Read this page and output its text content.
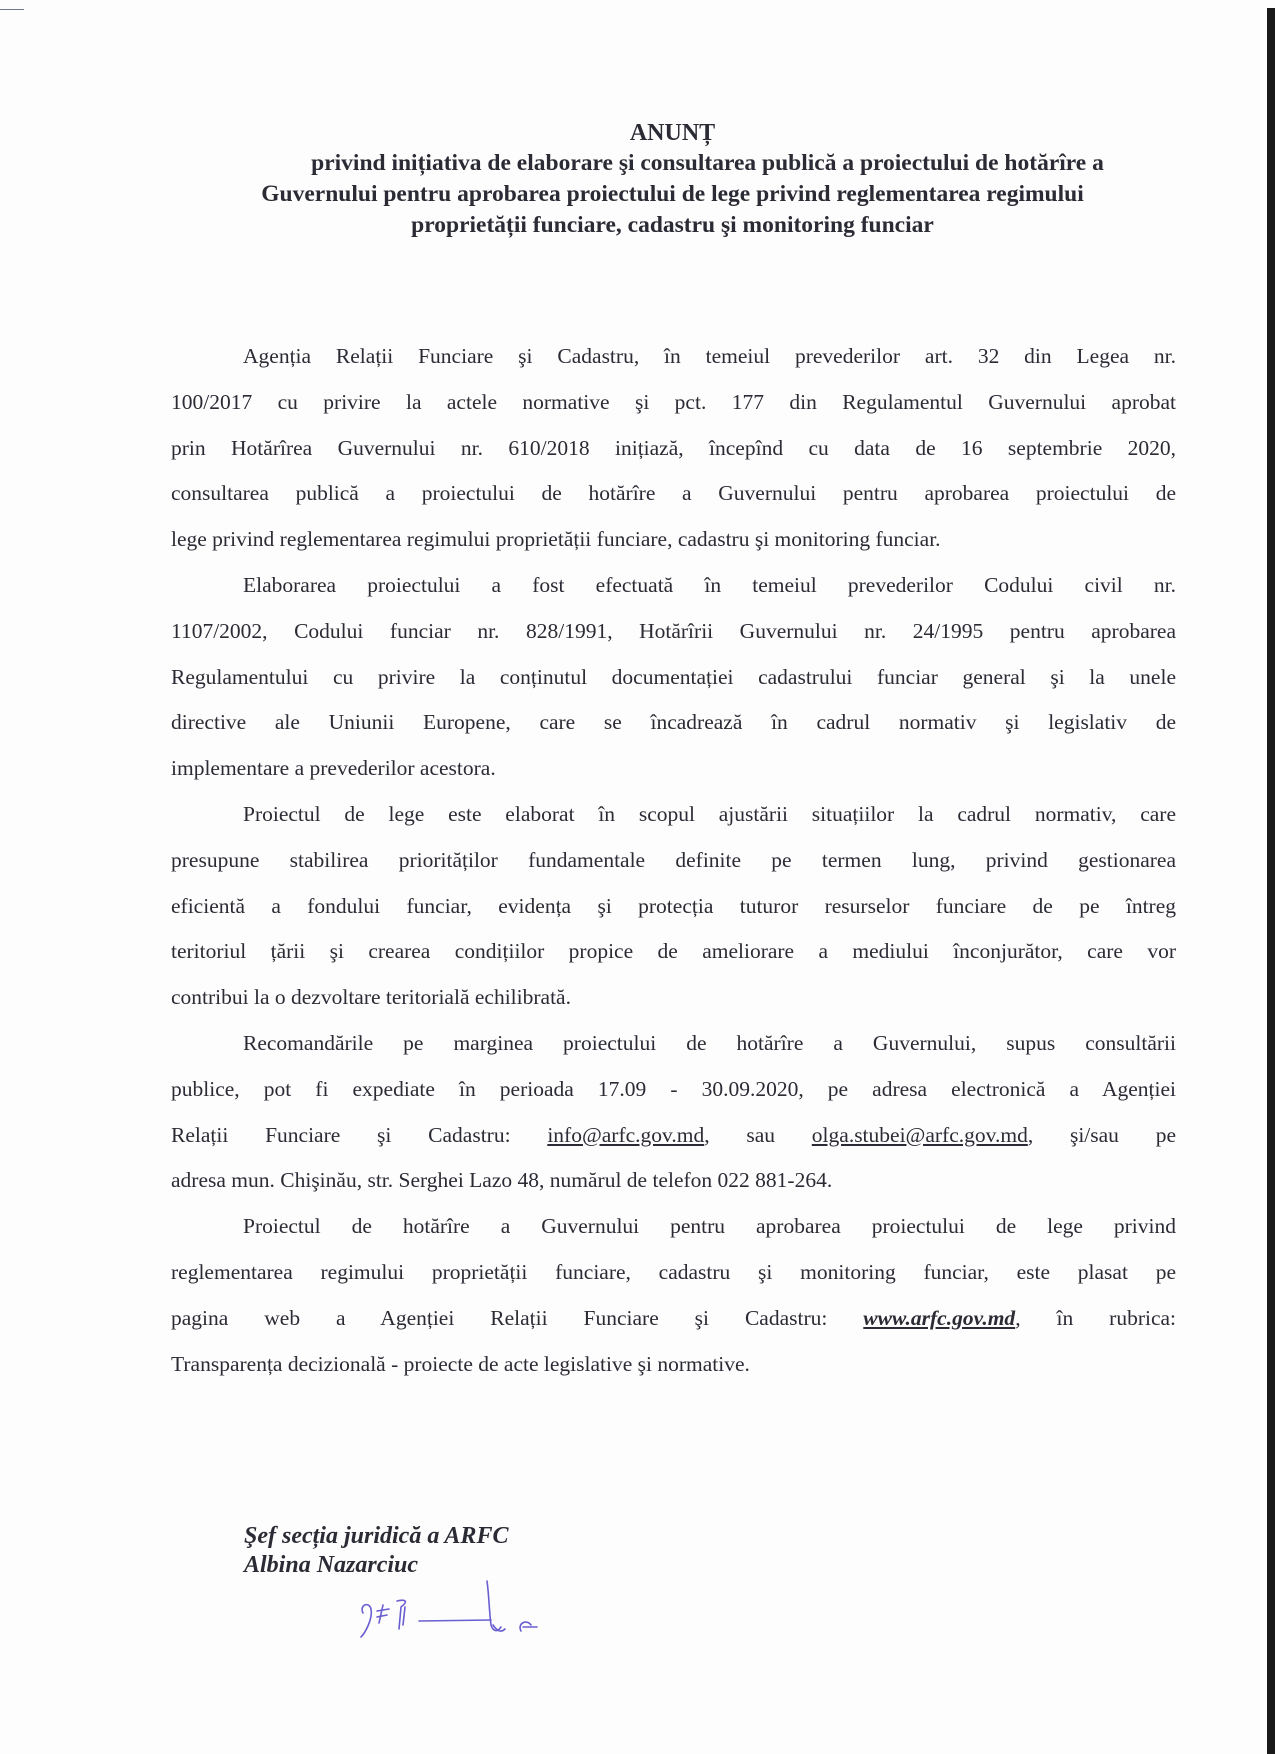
ANUNȚ
privind inițiativa de elaborare şi consultarea publică a proiectului de hotărîre a
Guvernului pentru aprobarea proiectului de lege privind reglementarea regimului
proprietății funciare, cadastru şi monitoring funciar

Agenția Relații Funciare şi Cadastru, în temeiul prevederilor art. 32 din Legea nr.
100/2017 cu privire la actele normative şi pct. 177 din Regulamentul Guvernului aprobat
prin Hotărîrea Guvernului nr. 610/2018 inițiază, începînd cu data de 16 septembrie 2020,
consultarea publică a proiectului de hotărîre a Guvernului pentru aprobarea proiectului de
lege privind reglementarea regimului proprietății funciare, cadastru şi monitoring funciar.

Elaborarea proiectului a fost efectuată în temeiul prevederilor Codului civil nr.
1107/2002, Codului funciar nr. 828/1991, Hotărîrii Guvernului nr. 24/1995 pentru aprobarea
Regulamentului cu privire la conținutul documentației cadastrului funciar general şi la unele
directive ale Uniunii Europene, care se încadrează în cadrul normativ şi legislativ de
implementare a prevederilor acestora.

Proiectul de lege este elaborat în scopul ajustării situațiilor la cadrul normativ, care
presupune stabilirea priorităților fundamentale definite pe termen lung, privind gestionarea
eficientă a fondului funciar, evidența şi protecția tuturor resurselor funciare de pe întreg
teritoriul țării şi crearea condițiilor propice de ameliorare a mediului înconjurător, care vor
contribui la o dezvoltare teritorială echilibrată.

Recomandările pe marginea proiectului de hotărîre a Guvernului, supus consultării
publice, pot fi expediate în perioada 17.09 - 30.09.2020, pe adresa electronică a Agenției
Relații Funciare şi Cadastru: info@arfc.gov.md, sau olga.stubei@arfc.gov.md, şi/sau pe
adresa mun. Chişinău, str. Serghei Lazo 48, numărul de telefon 022 881-264.

Proiectul de hotărîre a Guvernului pentru aprobarea proiectului de lege privind
reglementarea regimului proprietății funciare, cadastru şi monitoring funciar, este plasat pe
pagina web a Agenției Relații Funciare şi Cadastru: www.arfc.gov.md, în rubrica:
Transparența decizională - proiecte de acte legislative şi normative.

Şef secția juridică a ARFC
Albina Nazarciuc
